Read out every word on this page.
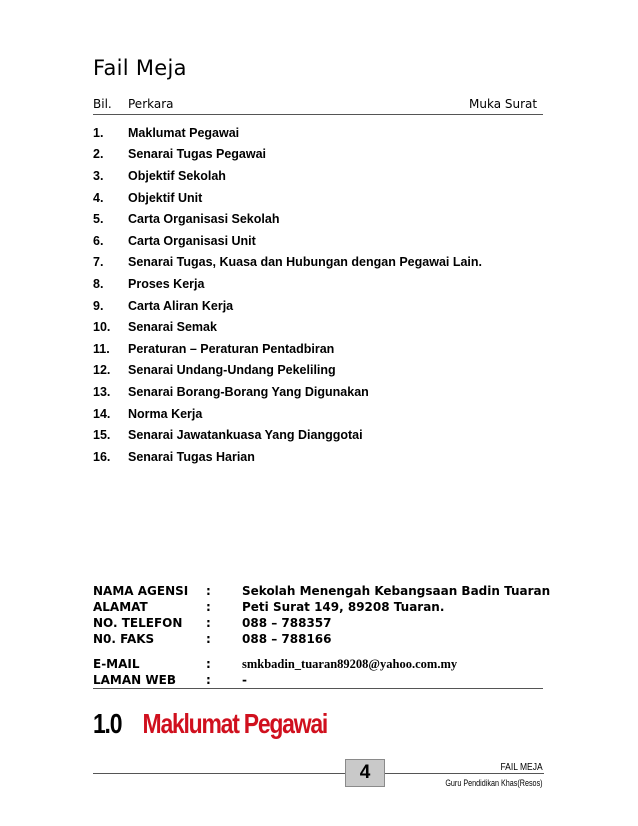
Fail Meja
Bil. Perkara	Muka Surat
1.	Maklumat Pegawai
2.	Senarai Tugas Pegawai
3.	Objektif Sekolah
4.	Objektif Unit
5.	Carta Organisasi Sekolah
6.	Carta Organisasi Unit
7.	Senarai Tugas, Kuasa dan Hubungan dengan Pegawai Lain.
8.	Proses Kerja
9.	Carta Aliran Kerja
10.	Senarai Semak
11.	Peraturan – Peraturan Pentadbiran
12.	Senarai Undang-Undang Pekeliling
13.	Senarai Borang-Borang Yang Digunakan
14.	Norma Kerja
15.	Senarai Jawatankuasa Yang Dianggotai
16.	Senarai Tugas Harian
NAMA AGENSI	:	Sekolah Menengah Kebangsaan Badin Tuaran
ALAMAT	:	Peti Surat 149, 89208 Tuaran.
NO. TELEFON	:	088 – 788357
N0. FAKS	:	088 – 788166
E-MAIL	:	smkbadin_tuaran89208@yahoo.com.my
LAMAN WEB	:	-
1.0 Maklumat Pegawai
4	FAIL MEJA
Guru Pendidikan Khas(Resos)
